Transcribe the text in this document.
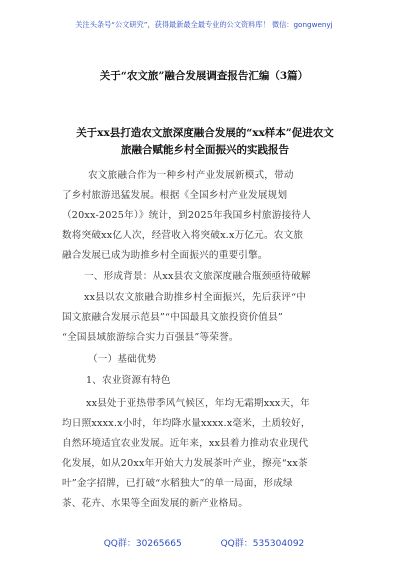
关注头条号“公文研究”，获得最新最全最专业的公文资料库！ 微信：gongwenyj
关于“农文旅”融合发展调查报告汇编（3篇）
关于xx县打造农文旅深度融合发展的“xx样本”促进农文
旅融合赋能乡村全面振兴的实践报告
农文旅融合作为一种乡村产业发展新模式，带动
了乡村旅游迅猛发展。根据《全国乡村产业发展规划
（20xx-2025年）》统计，到2025年我国乡村旅游接待人
数将突破xx亿人次，经营收入将突破x.x万亿元。农文旅
融合发展已成为助推乡村全面振兴的重要引擎。
一、形成背景：从xx县农文旅深度融合瓶颈亟待破解
xx县以农文旅融合助推乡村全面振兴，先后获评“中
国文旅融合发展示范县”“中国最具文旅投资价值县”
“全国县域旅游综合实力百强县”等荣誉。
（一）基础优势
1、农业资源有特色
xx县处于亚热带季风气候区，年均无霜期xxx天，年
均日照xxxx.x小时，年均降水量xxxx.x毫米，土质较好，
自然环境适宜农业发展。近年来，xx县着力推动农业现代
化发展，如从20xx年开始大力发展茶叶产业，擦亮“xx茶
叶”金字招牌，已打破“水稻独大”的单一局面，形成绿
茶、花卉、水果等全面发展的新产业格局。
QQ群：30265665	QQ群：535304092
